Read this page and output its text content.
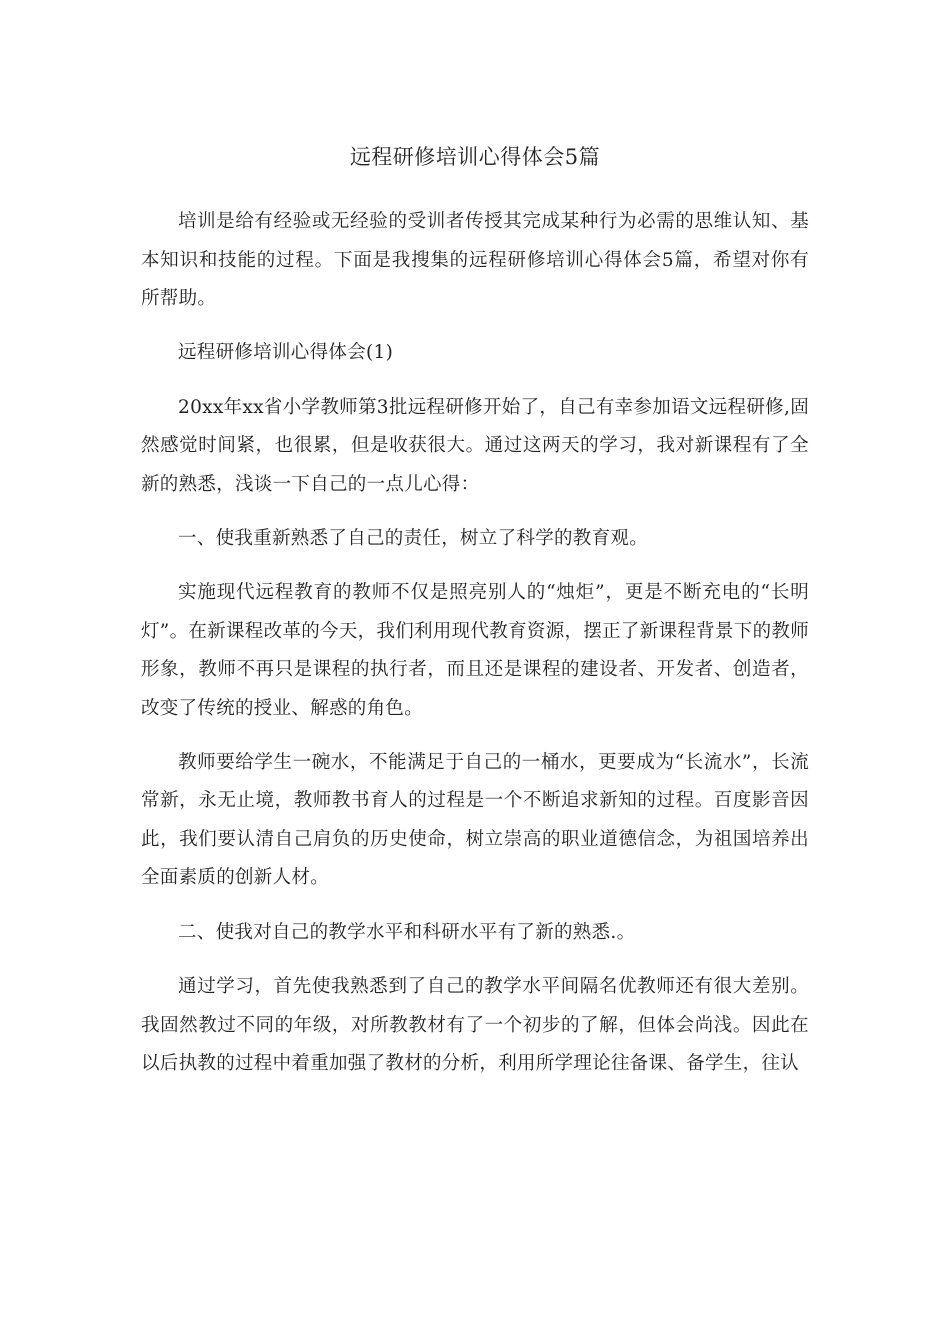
远程研修培训心得体会5篇

培训是给有经验或无经验的受训者传授其完成某种行为必需的思维认知、基本知识和技能的过程。下面是我搜集的远程研修培训心得体会5篇，希望对你有所帮助。

远程研修培训心得体会(1)

20xx年xx省小学教师第3批远程研修开始了，自己有幸参加语文远程研修,固然感觉时间紧，也很累，但是收获很大。通过这两天的学习，我对新课程有了全新的熟悉，浅谈一下自己的一点儿心得：

一、使我重新熟悉了自己的责任，树立了科学的教育观。

实施现代远程教育的教师不仅是照亮别人的“烛炬”，更是不断充电的“长明灯”。在新课程改革的今天，我们利用现代教育资源，摆正了新课程背景下的教师形象，教师不再只是课程的执行者，而且还是课程的建设者、开发者、创造者，改变了传统的授业、解惑的角色。

教师要给学生一碗水，不能满足于自己的一桶水，更要成为“长流水”，长流常新，永无止境，教师教书育人的过程是一个不断追求新知的过程。百度影音因此，我们要认清自己肩负的历史使命，树立崇高的职业道德信念，为祖国培养出全面素质的创新人材。

二、使我对自己的教学水平和科研水平有了新的熟悉.。

通过学习，首先使我熟悉到了自己的教学水平间隔名优教师还有很大差别。我固然教过不同的年级，对所教教材有了一个初步的了解，但体会尚浅。因此在以后执教的过程中着重加强了教材的分析，利用所学理论往备课、备学生，往认
